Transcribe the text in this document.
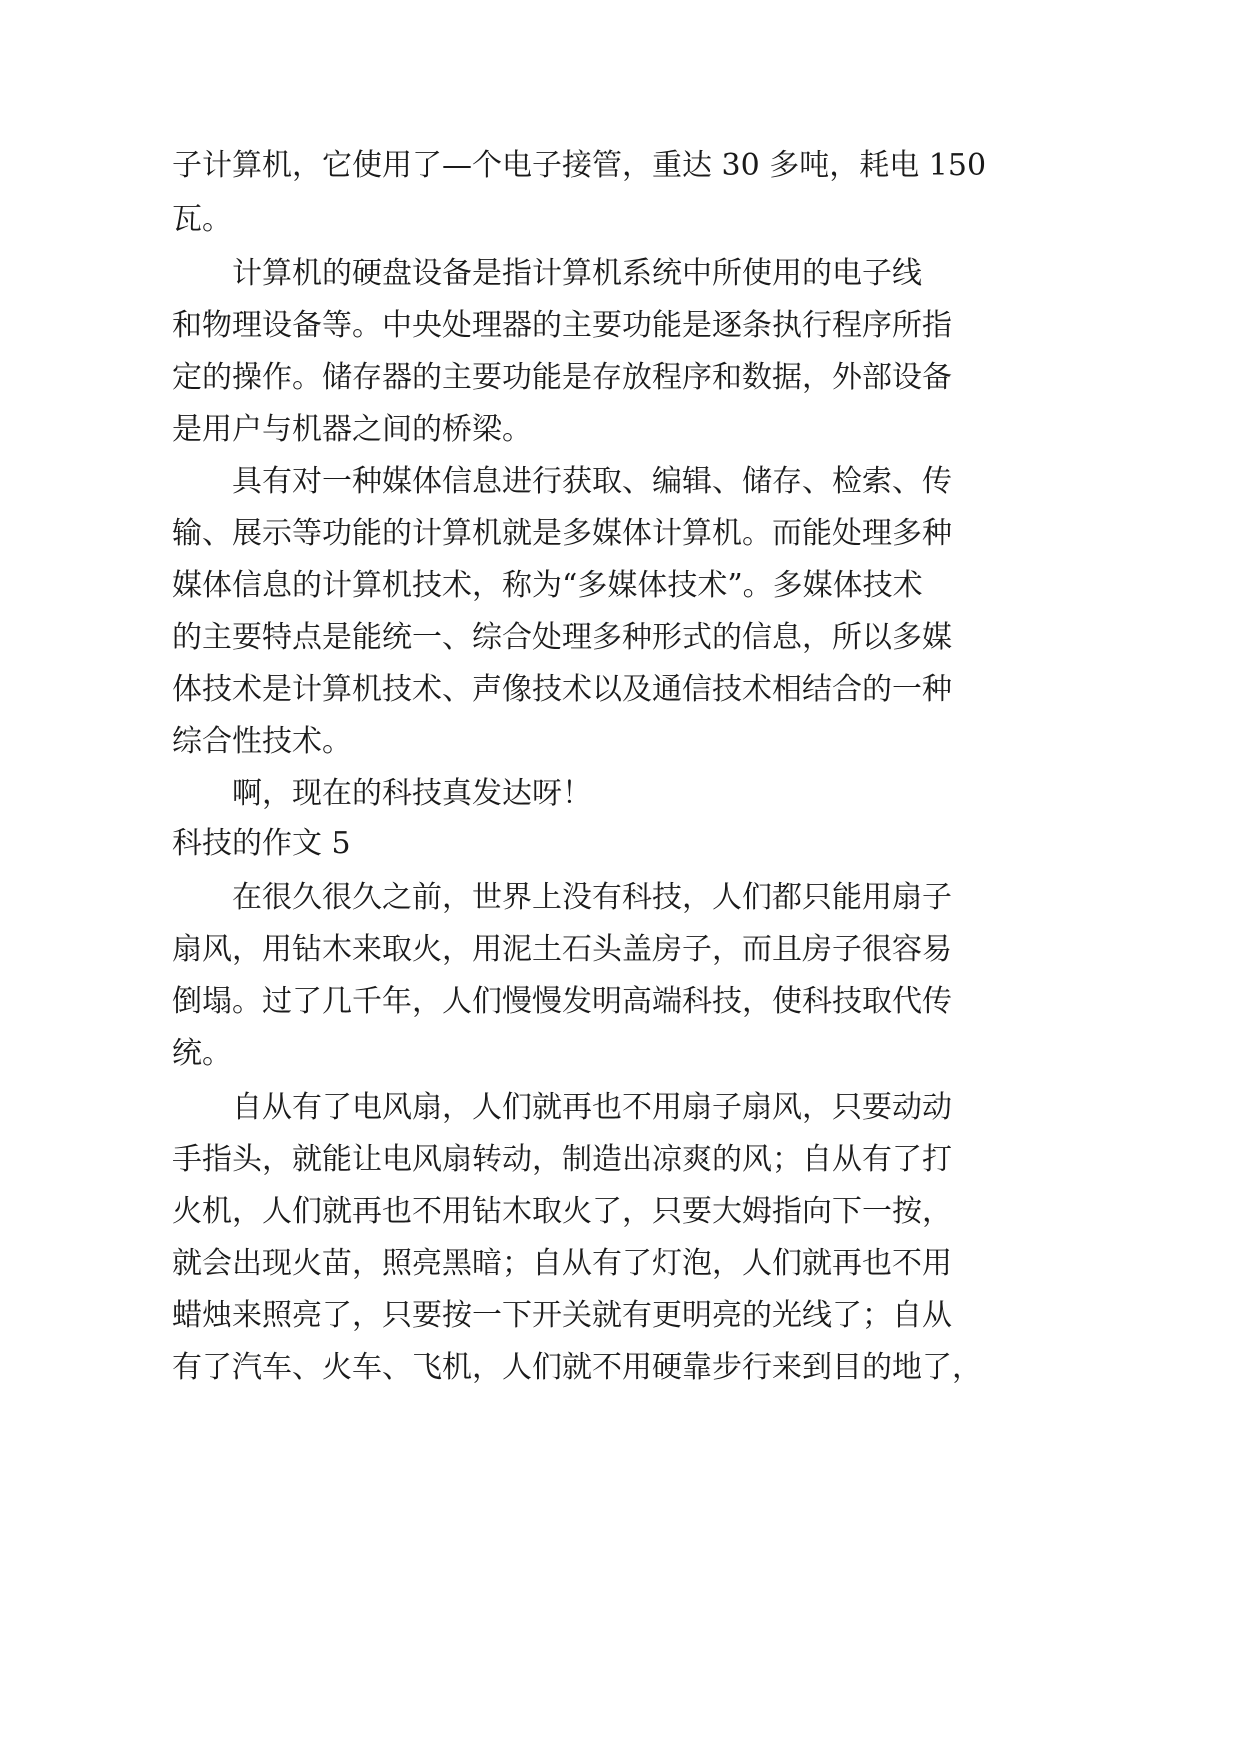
子计算机，它使用了—个电子接管，重达 30 多吨，耗电 150
瓦。
计算机的硬盘设备是指计算机系统中所使用的电子线
和物理设备等。中央处理器的主要功能是逐条执行程序所指
定的操作。储存器的主要功能是存放程序和数据，外部设备
是用户与机器之间的桥梁。
具有对一种媒体信息进行获取、编辑、储存、检索、传
输、展示等功能的计算机就是多媒体计算机。而能处理多种
媒体信息的计算机技术，称为“多媒体技术”。多媒体技术
的主要特点是能统一、综合处理多种形式的信息，所以多媒
体技术是计算机技术、声像技术以及通信技术相结合的一种
综合性技术。
啊，现在的科技真发达呀！
科技的作文 5
在很久很久之前，世界上没有科技，人们都只能用扇子
扇风，用钻木来取火，用泥土石头盖房子，而且房子很容易
倒塌。过了几千年，人们慢慢发明高端科技，使科技取代传
统。
自从有了电风扇，人们就再也不用扇子扇风，只要动动
手指头，就能让电风扇转动，制造出凉爽的风；自从有了打
火机，人们就再也不用钻木取火了，只要大姆指向下一按，
就会出现火苗，照亮黑暗；自从有了灯泡，人们就再也不用
蜡烛来照亮了，只要按一下开关就有更明亮的光线了；自从
有了汽车、火车、飞机，人们就不用硬靠步行来到目的地了，
